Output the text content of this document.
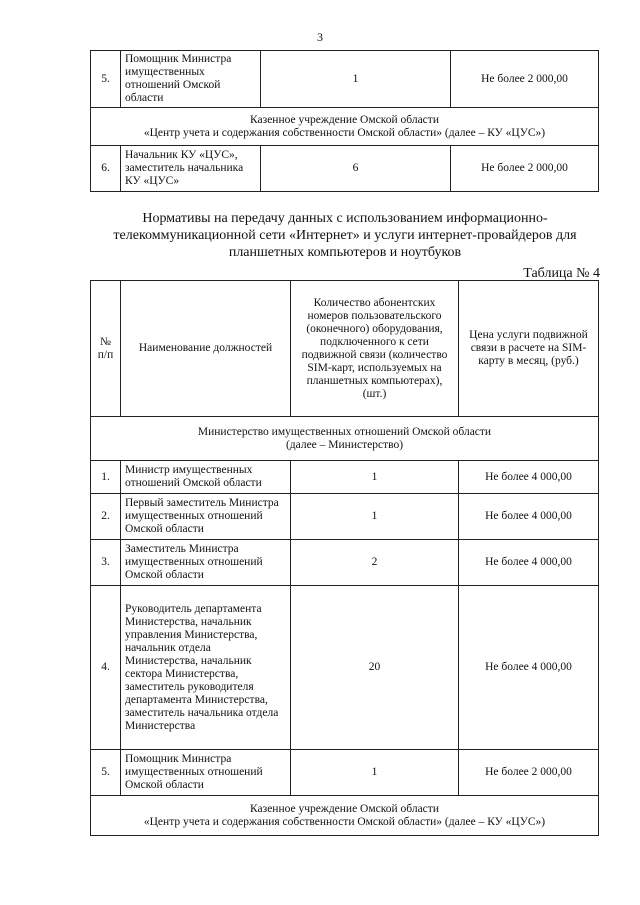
3
5.	Помощник Министра имущественных отношений Омской области	1	Не более 2 000,00

Казенное учреждение Омской области
«Центр учета и содержания собственности Омской области» (далее – КУ «ЦУС»)			

6.	Начальник КУ «ЦУС», заместитель начальника КУ «ЦУС»	6	Не более 2 000,00
Нормативы на передачу данных с использованием информационно-телекоммуникационной сети «Интернет» и услуги интернет-провайдеров для планшетных компьютеров и ноутбуков
Таблица № 4
№ п/п	Наименование должностей	Количество абонентских номеров пользовательского (оконечного) оборудования, подключенного к сети подвижной связи (количество SIM-карт, используемых на планшетных компьютерах), (шт.)	Цена услуги подвижной связи в расчете на SIM-карту в месяц, (руб.)

Министерство имущественных отношений Омской области
(далее – Министерство)			

1.	Министр имущественных отношений Омской области	1	Не более 4 000,00
2.	Первый заместитель Министра имущественных отношений Омской области	1	Не более 4 000,00
3.	Заместитель Министра имущественных отношений Омской области	2	Не более 4 000,00
4.	Руководитель департамента Министерства, начальник управления Министерства, начальник отдела Министерства, начальник сектора Министерства, заместитель руководителя департамента Министерства, заместитель начальника отдела Министерства	20	Не более 4 000,00
5.	Помощник Министра имущественных отношений Омской области	1	Не более 2 000,00

Казенное учреждение Омской области
«Центр учета и содержания собственности Омской области» (далее – КУ «ЦУС»)			
